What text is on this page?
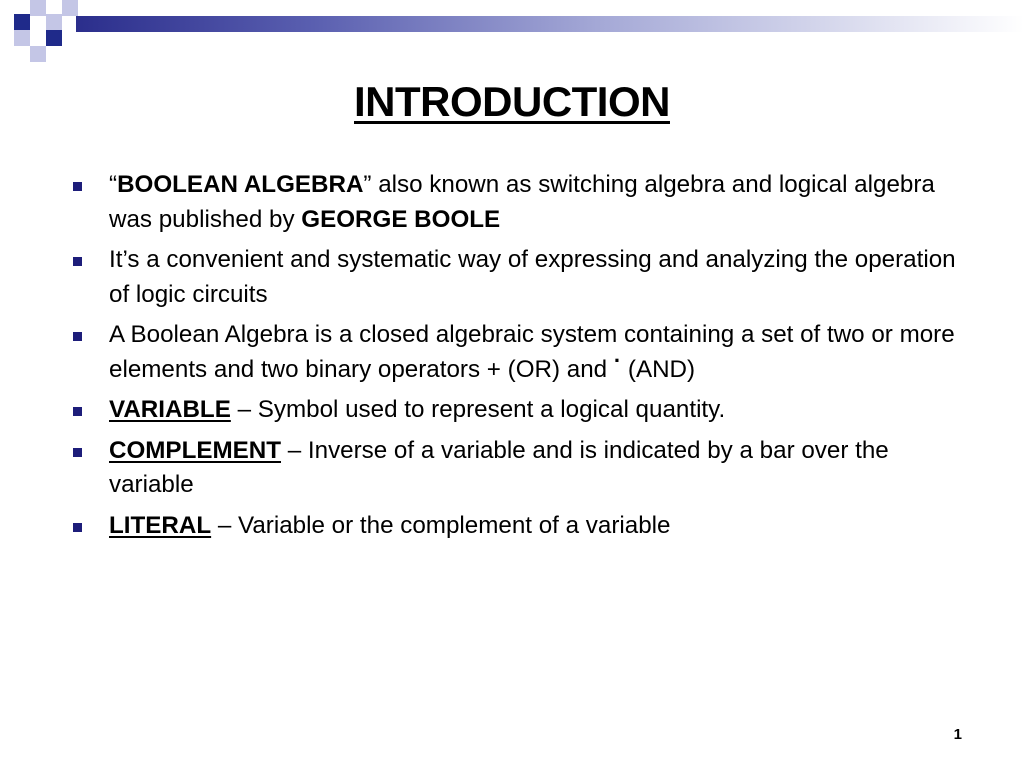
INTRODUCTION
“BOOLEAN ALGEBRA” also known as switching algebra and logical algebra was published by GEORGE BOOLE
It’s a convenient and systematic way of expressing and analyzing the operation of logic circuits
A Boolean Algebra is a closed algebraic system containing a set of two or more elements and two binary operators + (OR) and · (AND)
VARIABLE – Symbol used to represent a logical quantity.
COMPLEMENT – Inverse of a variable and is indicated by a bar over the variable
LITERAL – Variable or the complement of a variable
1
